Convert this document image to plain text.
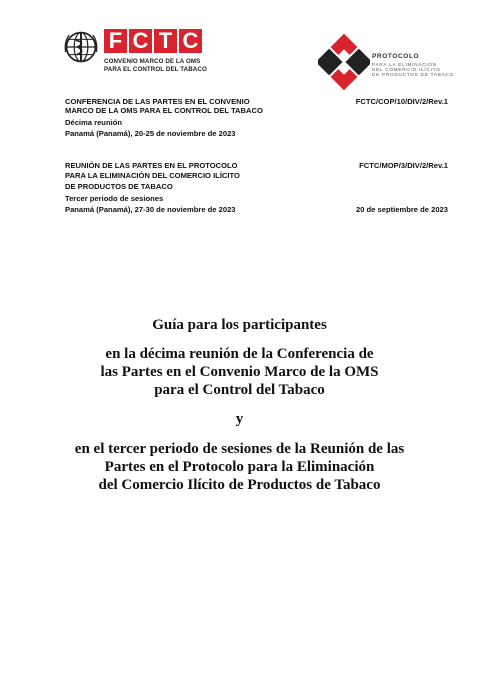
F C T C
CONVENIO MARCO DE LA OMS
PARA EL CONTROL DEL TABACO
PROTOCOLO
PARA LA ELIMINACIÓN
DEL COMERCIO ILÍCITO
DE PRODUCTOS DE TABACO
CONFERENCIA DE LAS PARTES EN EL CONVENIO
MARCO DE LA OMS PARA EL CONTROL DEL TABACO
Décima reunión
Panamá (Panamá), 20-25 de noviembre de 2023
FCTC/COP/10/DIV/2/Rev.1
REUNIÓN DE LAS PARTES EN EL PROTOCOLO
PARA LA ELIMINACIÓN DEL COMERCIO ILÍCITO
DE PRODUCTOS DE TABACO
Tercer periodo de sesiones
Panamá (Panamá), 27-30 de noviembre de 2023
FCTC/MOP/3/DIV/2/Rev.1
20 de septiembre de 2023
Guía para los participantes
en la décima reunión de la Conferencia de
las Partes en el Convenio Marco de la OMS
para el Control del Tabaco
y
en el tercer periodo de sesiones de la Reunión de las
Partes en el Protocolo para la Eliminación
del Comercio Ilícito de Productos de Tabaco
